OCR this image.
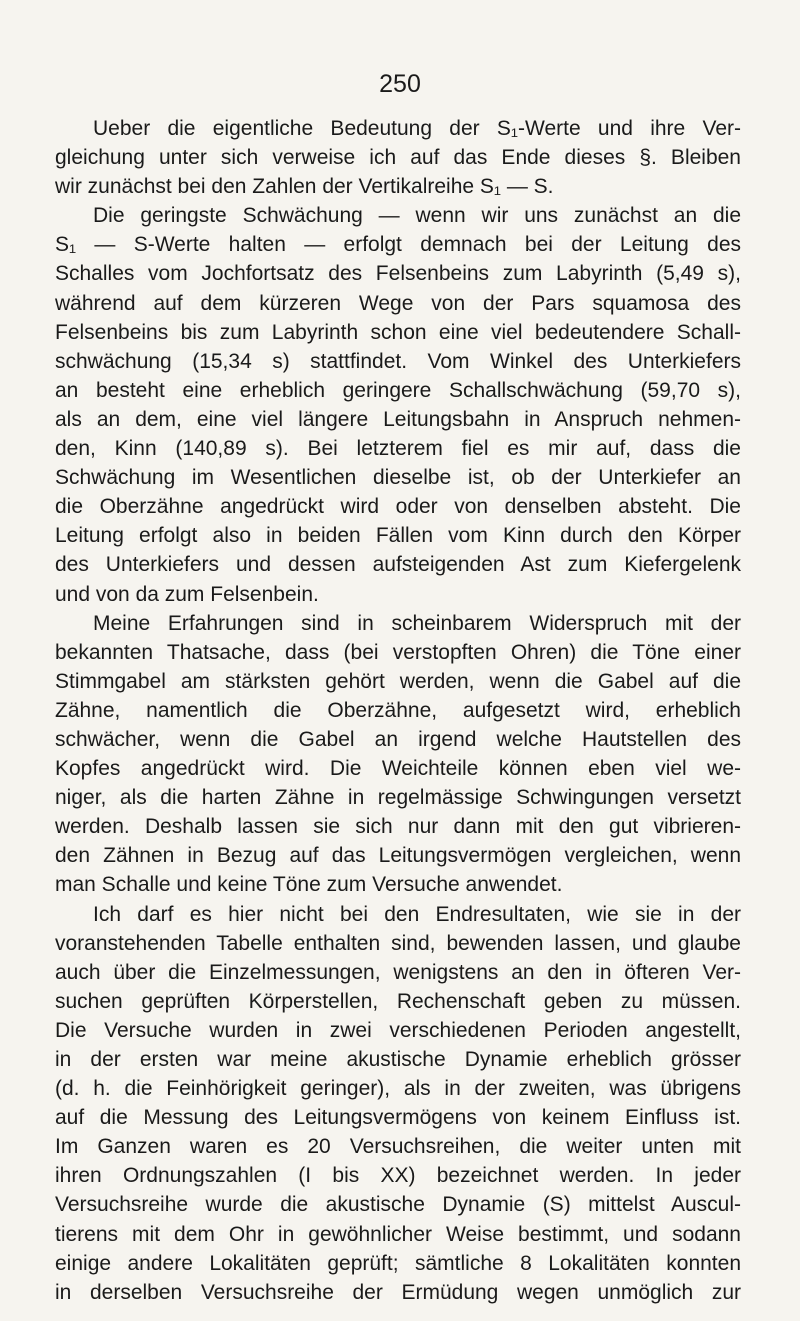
250
Ueber die eigentliche Bedeutung der S₁-Werte und ihre Ver-
gleichung unter sich verweise ich auf das Ende dieses §. Bleiben
wir zunächst bei den Zahlen der Vertikalreihe S₁ — S.
Die geringste Schwächung — wenn wir uns zunächst an die
S₁ — S-Werte halten — erfolgt demnach bei der Leitung des
Schalles vom Jochfortsatz des Felsenbeins zum Labyrinth (5,49 s),
während auf dem kürzeren Wege von der Pars squamosa des
Felsenbeins bis zum Labyrinth schon eine viel bedeutendere Schall-
schwächung (15,34 s) stattfindet. Vom Winkel des Unterkiefers
an besteht eine erheblich geringere Schallschwächung (59,70 s),
als an dem, eine viel längere Leitungsbahn in Anspruch nehmen-
den, Kinn (140,89 s). Bei letzterem fiel es mir auf, dass die
Schwächung im Wesentlichen dieselbe ist, ob der Unterkiefer an
die Oberzähne angedrückt wird oder von denselben absteht. Die
Leitung erfolgt also in beiden Fällen vom Kinn durch den Körper
des Unterkiefers und dessen aufsteigenden Ast zum Kiefergelenk
und von da zum Felsenbein.
Meine Erfahrungen sind in scheinbarem Widerspruch mit der
bekannten Thatsache, dass (bei verstopften Ohren) die Töne einer
Stimmgabel am stärksten gehört werden, wenn die Gabel auf die
Zähne, namentlich die Oberzähne, aufgesetzt wird, erheblich
schwächer, wenn die Gabel an irgend welche Hautstellen des
Kopfes angedrückt wird. Die Weichteile können eben viel we-
niger, als die harten Zähne in regelmässige Schwingungen versetzt
werden. Deshalb lassen sie sich nur dann mit den gut vibrieren-
den Zähnen in Bezug auf das Leitungsvermögen vergleichen, wenn
man Schalle und keine Töne zum Versuche anwendet.
Ich darf es hier nicht bei den Endresultaten, wie sie in der
voranstehenden Tabelle enthalten sind, bewenden lassen, und glaube
auch über die Einzelmessungen, wenigstens an den in öfteren Ver-
suchen geprüften Körperstellen, Rechenschaft geben zu müssen.
Die Versuche wurden in zwei verschiedenen Perioden angestellt,
in der ersten war meine akustische Dynamie erheblich grösser
(d. h. die Feinhörigkeit geringer), als in der zweiten, was übrigens
auf die Messung des Leitungsvermögens von keinem Einfluss ist.
Im Ganzen waren es 20 Versuchsreihen, die weiter unten mit
ihren Ordnungszahlen (I bis XX) bezeichnet werden. In jeder
Versuchsreihe wurde die akustische Dynamie (S) mittelst Auscul-
tierens mit dem Ohr in gewöhnlicher Weise bestimmt, und sodann
einige andere Lokalitäten geprüft; sämtliche 8 Lokalitäten konnten
in derselben Versuchsreihe der Ermüdung wegen unmöglich zur
